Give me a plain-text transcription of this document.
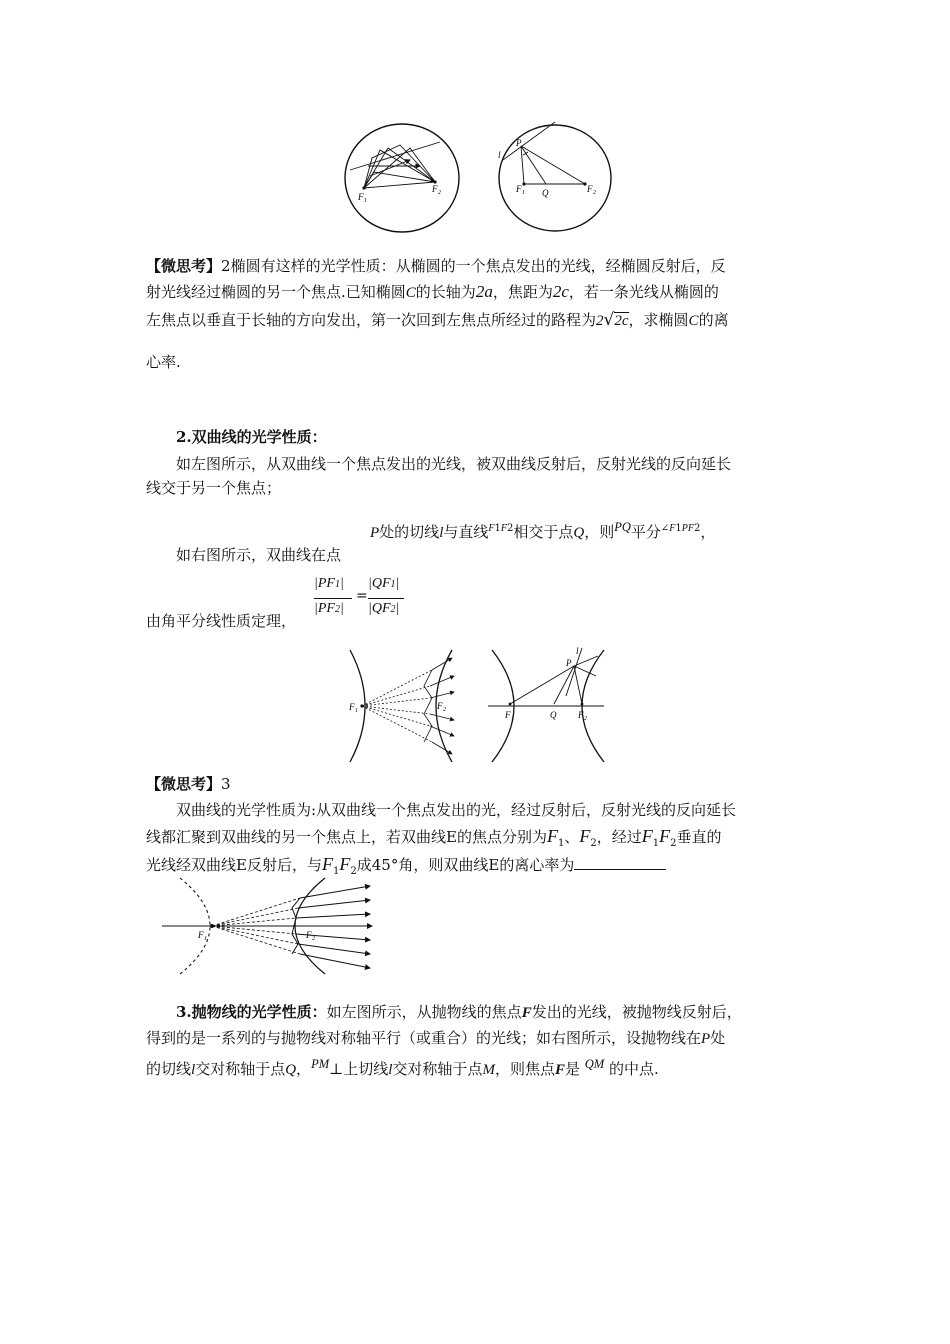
F 1
F 2
P
l
F 1 Q	F 2
【微思考】2椭圆有这样的光学性质：从椭圆的一个焦点发出的光线，经椭圆反射后，反
射光线经过椭圆的另一个焦点.已知椭圆C的长轴为2a，焦距为2c，若一条光线从椭圆的
左焦点以垂直于长轴的方向发出，第一次回到左焦点所经过的路程为2√2c，求椭圆C的离
心率.
2.双曲线的光学性质：
如左图所示，从双曲线一个焦点发出的光线，被双曲线反射后，反射光线的反向延长
线交于另一个焦点；
P处的切线l与直线$^{F1F2}$相交于点Q，则$^{PQ}$平分$^{\angle F1PF2}$，
如右图所示，双曲线在点
由角平分线性质定理，
|PF1|
|PF2|
=
|QF1|
|QF2|
F 1	F 2
P
l
F 1	Q F 2
【微思考】3
双曲线的光学性质为:从双曲线一个焦点发出的光，经过反射后，反射光线的反向延长
线都汇聚到双曲线的另一个焦点上，若双曲线E的焦点分别为$F_1$、$F_2$，经过$F_1F_2$垂直的
光线经双曲线E反射后，与$F_1F_2$成45°角，则双曲线E的离心率为
F 1	F 2
3.抛物线的光学性质：如左图所示，从抛物线的焦点F发出的光线，被抛物线反射后，
得到的是一系列的与抛物线对称轴平行（或重合）的光线；如右图所示，设抛物线在P处
的切线l交对称轴于点Q，$^{PM}$⊥上切线l交对称轴于点M，则焦点F是 $^{QM}$ 的中点.
